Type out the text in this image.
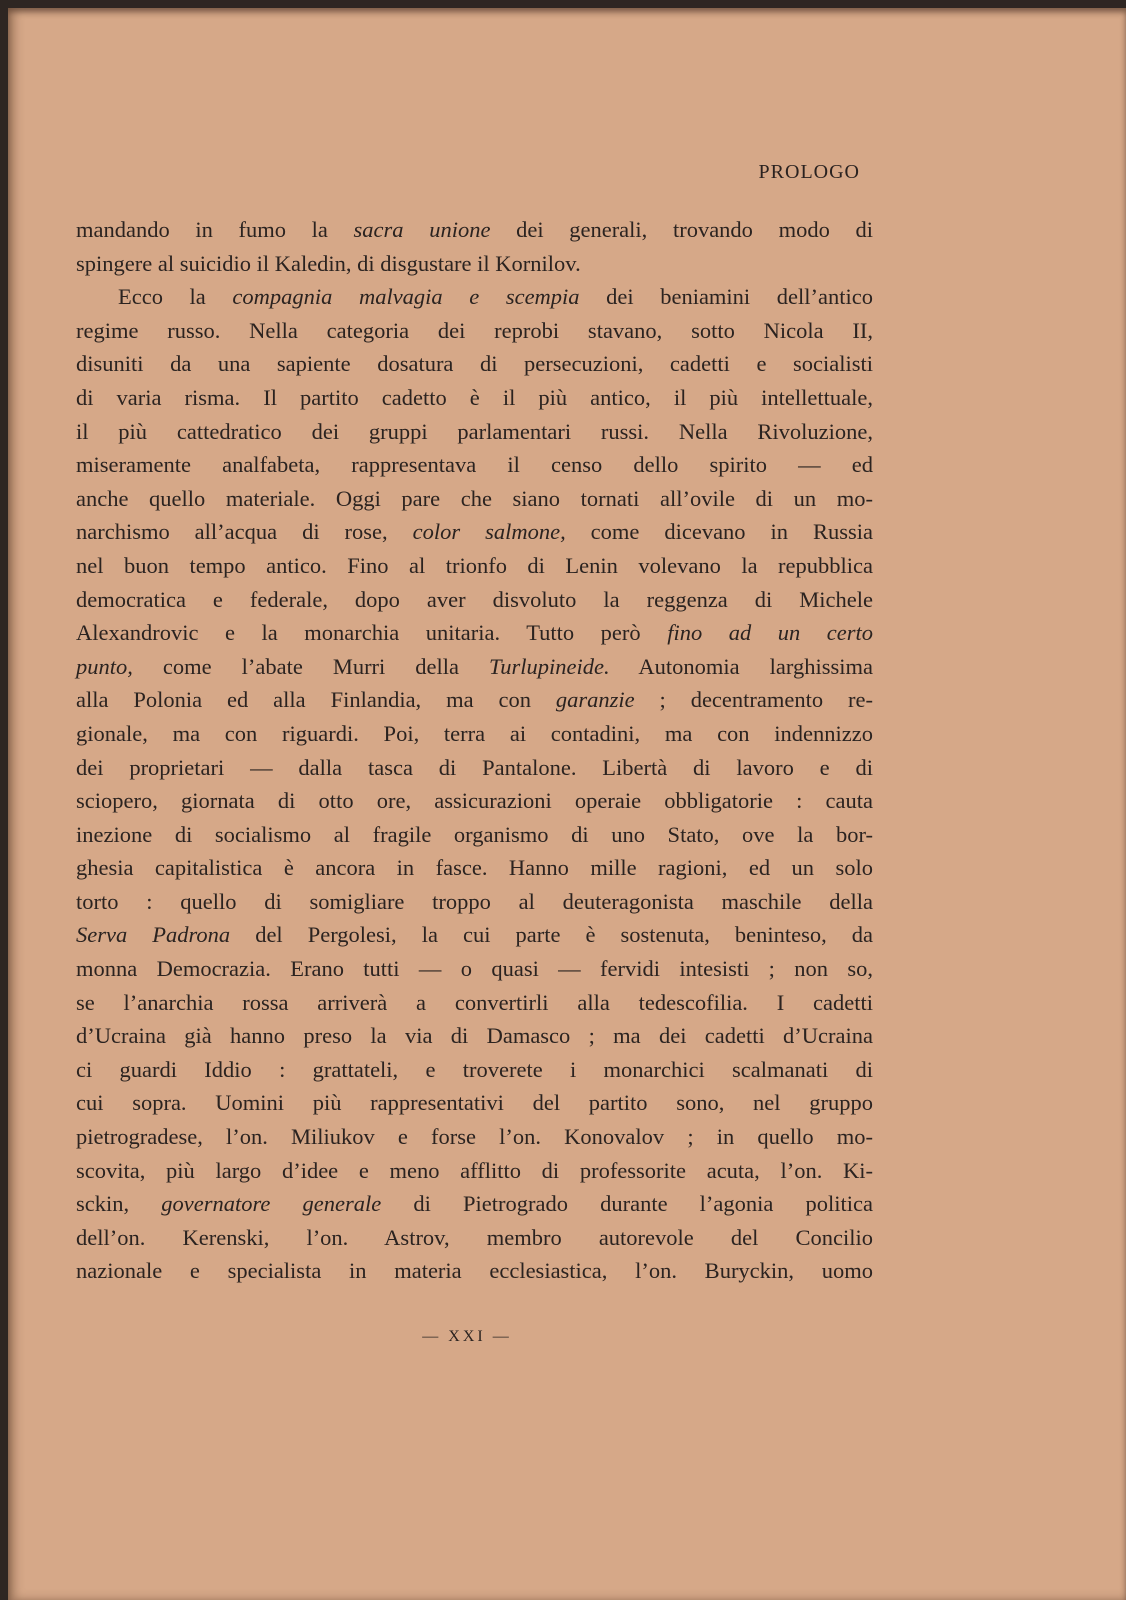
PROLOGO
mandando in fumo la sacra unione dei generali, trovando modo di
spingere al suicidio il Kaledin, di disgustare il Kornilov.
Ecco la compagnia malvagia e scempia dei beniamini dell’antico
regime russo. Nella categoria dei reprobi stavano, sotto Nicola II,
disuniti da una sapiente dosatura di persecuzioni, cadetti e socialisti
di varia risma. Il partito cadetto è il più antico, il più intellettuale,
il più cattedratico dei gruppi parlamentari russi. Nella Rivoluzione,
miseramente analfabeta, rappresentava il censo dello spirito — ed
anche quello materiale. Oggi pare che siano tornati all’ovile di un mo-
narchismo all’acqua di rose, color salmone, come dicevano in Russia
nel buon tempo antico. Fino al trionfo di Lenin volevano la repubblica
democratica e federale, dopo aver disvoluto la reggenza di Michele
Alexandrovic e la monarchia unitaria. Tutto però fino ad un certo
punto, come l’abate Murri della Turlupineide. Autonomia larghissima
alla Polonia ed alla Finlandia, ma con garanzie ; decentramento re-
gionale, ma con riguardi. Poi, terra ai contadini, ma con indennizzo
dei proprietari — dalla tasca di Pantalone. Libertà di lavoro e di
sciopero, giornata di otto ore, assicurazioni operaie obbligatorie : cauta
inezione di socialismo al fragile organismo di uno Stato, ove la bor-
ghesia capitalistica è ancora in fasce. Hanno mille ragioni, ed un solo
torto : quello di somigliare troppo al deuteragonista maschile della
Serva Padrona del Pergolesi, la cui parte è sostenuta, beninteso, da
monna Democrazia. Erano tutti — o quasi — fervidi intesisti ; non so,
se l’anarchia rossa arriverà a convertirli alla tedescofilia. I cadetti
d’Ucraina già hanno preso la via di Damasco ; ma dei cadetti d’Ucraina
ci guardi Iddio : grattateli, e troverete i monarchici scalmanati di
cui sopra. Uomini più rappresentativi del partito sono, nel gruppo
pietrogradese, l’on. Miliukov e forse l’on. Konovalov ; in quello mo-
scovita, più largo d’idee e meno afflitto di professorite acuta, l’on. Ki-
sckin, governatore generale di Pietrogrado durante l’agonia politica
dell’on. Kerenski, l’on. Astrov, membro autorevole del Concilio
nazionale e specialista in materia ecclesiastica, l’on. Buryсkin, uomo
— XXI —
